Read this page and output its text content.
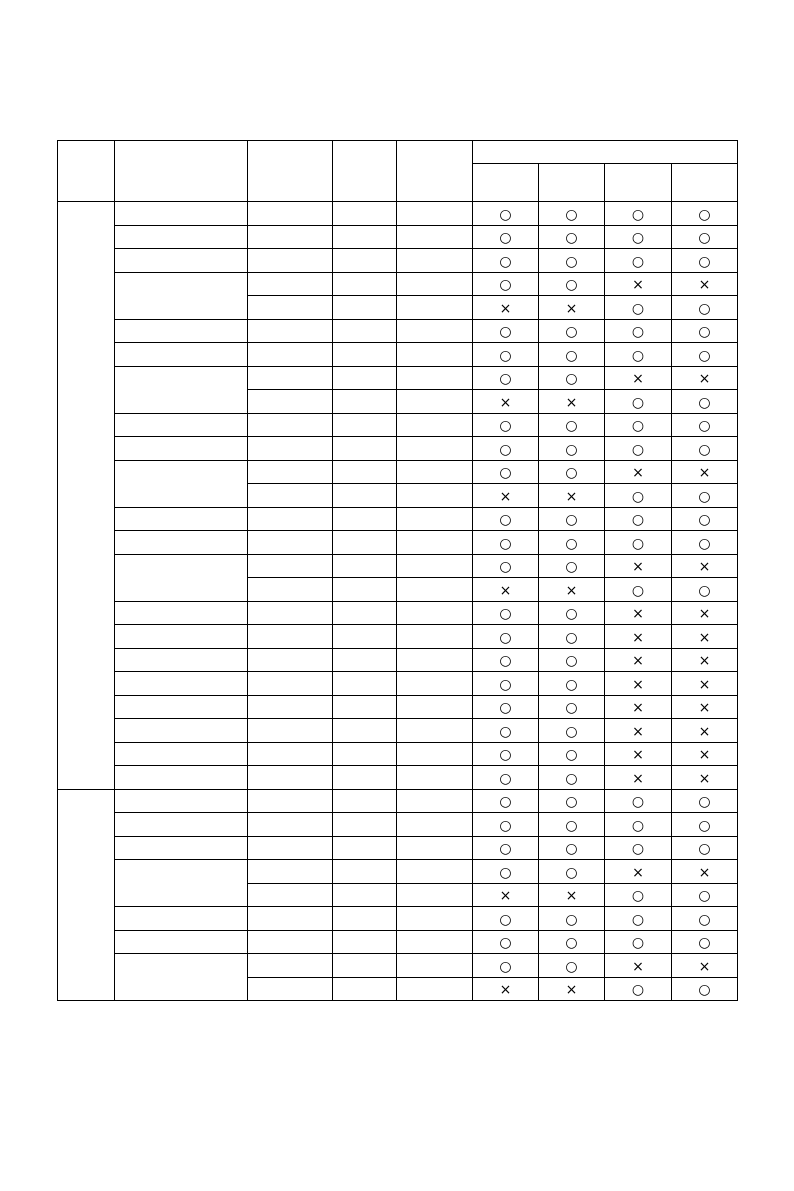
					○	○	○	○
					○	○	○	○
					○	○	○	○
					○	○	×	×
					×	×	○	○
					○	○	○	○
					○	○	○	○
					○	○	×	×
					×	×	○	○
					○	○	○	○
					○	○	○	○
					○	○	×	×
					×	×	○	○
					○	○	○	○
					○	○	○	○
					○	○	×	×
					×	×	○	○
					○	○	×	×
					○	○	×	×
					○	○	×	×
					○	○	×	×
					○	○	×	×
					○	○	×	×
					○	○	×	×
					○	○	×	×
					○	○	○	○
					○	○	○	○
					○	○	○	○
					○	○	×	×
					×	×	○	○
					○	○	○	○
					○	○	○	○
					○	○	×	×
					×	×	○	○
